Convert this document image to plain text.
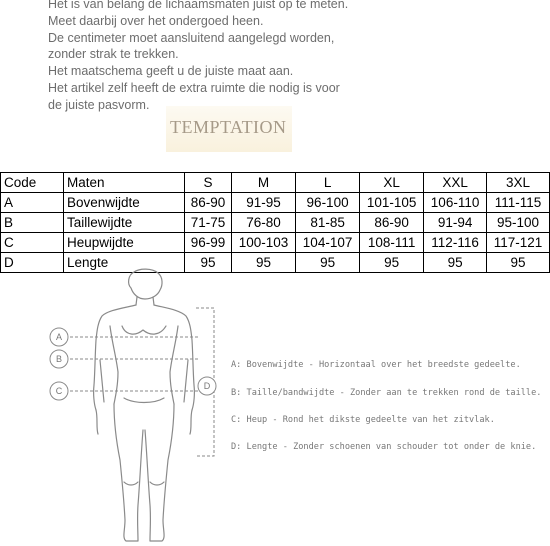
Het is van belang de lichaamsmaten juist op te meten.
Meet daarbij over het ondergoed heen.
De centimeter moet aansluitend aangelegd worden,
zonder strak te trekken.
Het maatschema geeft u de juiste maat aan.
Het artikel zelf heeft de extra ruimte die nodig is voor
de juiste pasvorm.
TEMPTATION
Code	Maten	S	M	L	XL	XXL	3XL
A	Bovenwijdte	86-90	91-95	96-100	101-105	106-110	111-115
B	Taillewijdte	71-75	76-80	81-85	86-90	91-94	95-100
C	Heupwijdte	96-99	100-103	104-107	108-111	112-116	117-121
D	Lengte	95	95	95	95	95	95
A
B
C	D
A: Bovenwijdte - Horizontaal over het breedste gedeelte.
B: Taille/bandwijdte - Zonder aan te trekken rond de taille.
C: Heup - Rond het dikste gedeelte van het zitvlak.
D: Lengte - Zonder schoenen van schouder tot onder de knie.
